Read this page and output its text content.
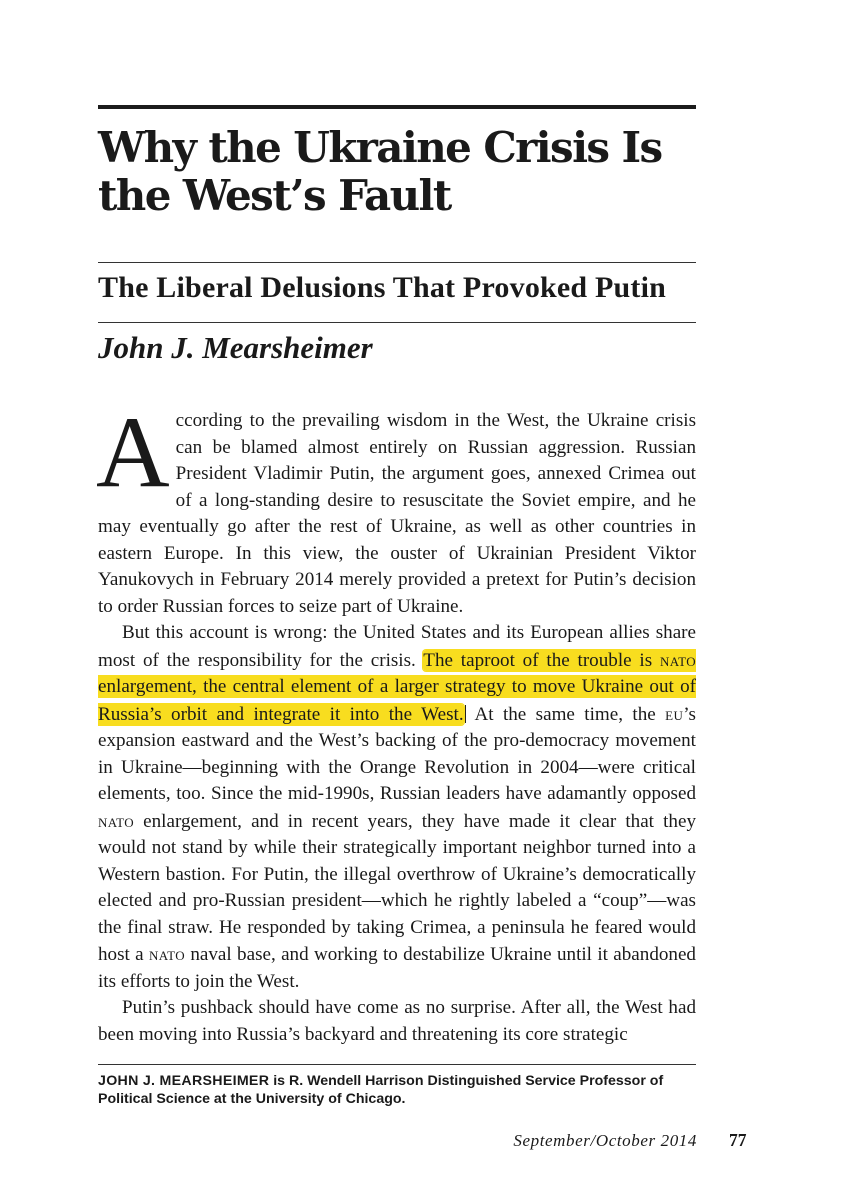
Why the Ukraine Crisis Is
the West’s Fault
The Liberal Delusions That Provoked Putin
John J. Mearsheimer

According to the prevailing wisdom in the West, the Ukraine crisis can be blamed almost entirely on Russian aggression. Russian President Vladimir Putin, the argument goes, annexed Crimea out of a long-standing desire to resuscitate the Soviet empire, and he may eventually go after the rest of Ukraine, as well as other countries in eastern Europe. In this view, the ouster of Ukrainian President Viktor Yanukovych in February 2014 merely provided a pretext for Putin’s decision to order Russian forces to seize part of Ukraine.

But this account is wrong: the United States and its European allies share most of the responsibility for the crisis. The taproot of the trouble is nato enlargement, the central element of a larger strategy to move Ukraine out of Russia’s orbit and integrate it into the West. At the same time, the eu’s expansion eastward and the West’s backing of the pro-democracy movement in Ukraine—beginning with the Orange Revolution in 2004—were critical elements, too. Since the mid-1990s, Russian leaders have adamantly opposed nato enlargement, and in recent years, they have made it clear that they would not stand by while their strategically important neighbor turned into a Western bastion. For Putin, the illegal overthrow of Ukraine’s democratically elected and pro-Russian president—which he rightly labeled a “coup”—was the final straw. He responded by taking Crimea, a peninsula he feared would host a nato naval base, and working to destabilize Ukraine until it abandoned its efforts to join the West.

Putin’s pushback should have come as no surprise. After all, the West had been moving into Russia’s backyard and threatening its core strategic

JOHN J. MEARSHEIMER is R. Wendell Harrison Distinguished Service Professor of Political Science at the University of Chicago.
September/October 2014 77
